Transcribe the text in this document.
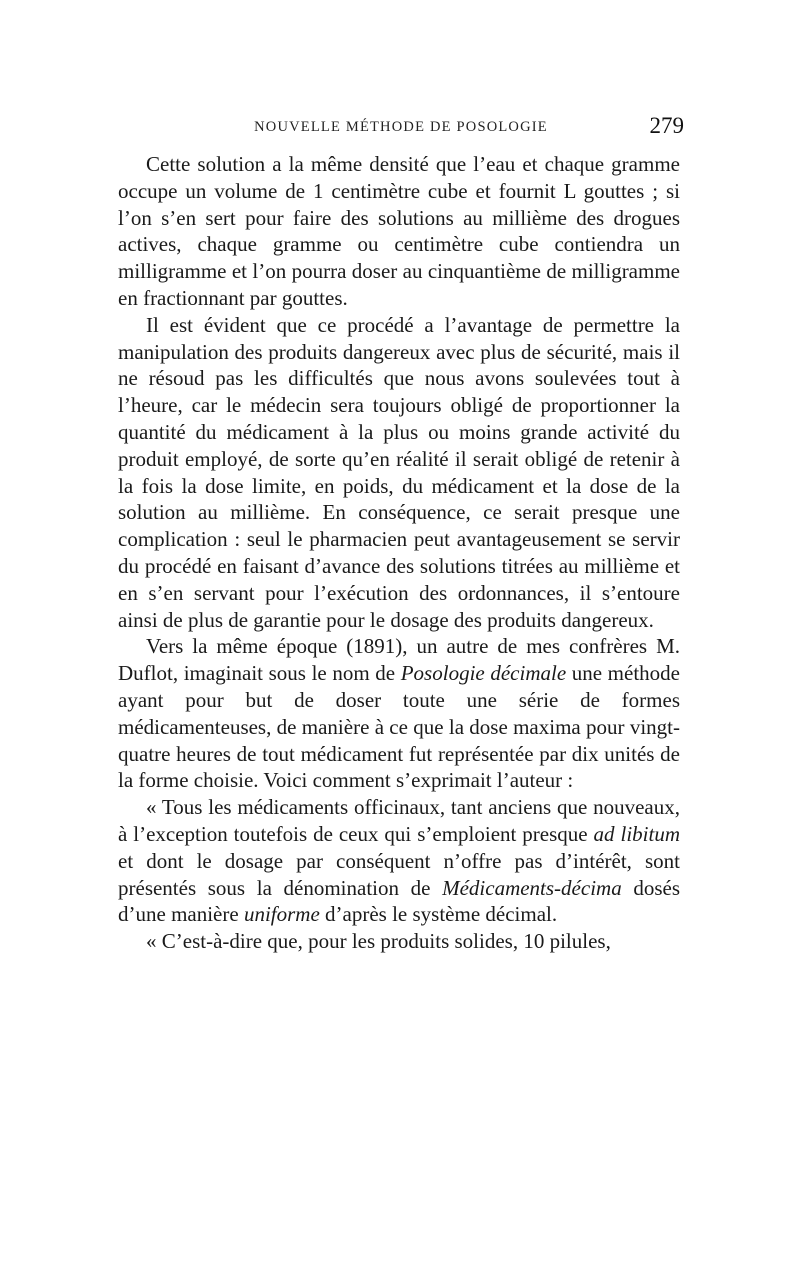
NOUVELLE MÉTHODE DE POSOLOGIE	279

Cette solution a la même densité que l’eau et chaque gramme occupe un volume de 1 centimètre cube et fournit L gouttes ; si l’on s’en sert pour faire des solutions au millième des drogues actives, chaque gramme ou centimètre cube contiendra un milligramme et l’on pourra doser au cinquantième de milligramme en fractionnant par gouttes.

Il est évident que ce procédé a l’avantage de permettre la manipulation des produits dangereux avec plus de sécurité, mais il ne résoud pas les difficultés que nous avons soulevées tout à l’heure, car le médecin sera toujours obligé de proportionner la quantité du médicament à la plus ou moins grande activité du produit employé, de sorte qu’en réalité il serait obligé de retenir à la fois la dose limite, en poids, du médicament et la dose de la solution au millième. En conséquence, ce serait presque une complication : seul le pharmacien peut avantageusement se servir du procédé en faisant d’avance des solutions titrées au millième et en s’en servant pour l’exécution des ordonnances, il s’entoure ainsi de plus de garantie pour le dosage des produits dangereux.

Vers la même époque (1891), un autre de mes confrères M. Duflot, imaginait sous le nom de Posologie décimale une méthode ayant pour but de doser toute une série de formes médicamenteuses, de manière à ce que la dose maxima pour vingt-quatre heures de tout médicament fut représentée par dix unités de la forme choisie. Voici comment s’exprimait l’auteur :

« Tous les médicaments officinaux, tant anciens que nouveaux, à l’exception toutefois de ceux qui s’emploient presque ad libitum et dont le dosage par conséquent n’offre pas d’intérêt, sont présentés sous la dénomination de Médicaments-décima dosés d’une manière uniforme d’après le système décimal.

« C’est-à-dire que, pour les produits solides, 10 pilules,
